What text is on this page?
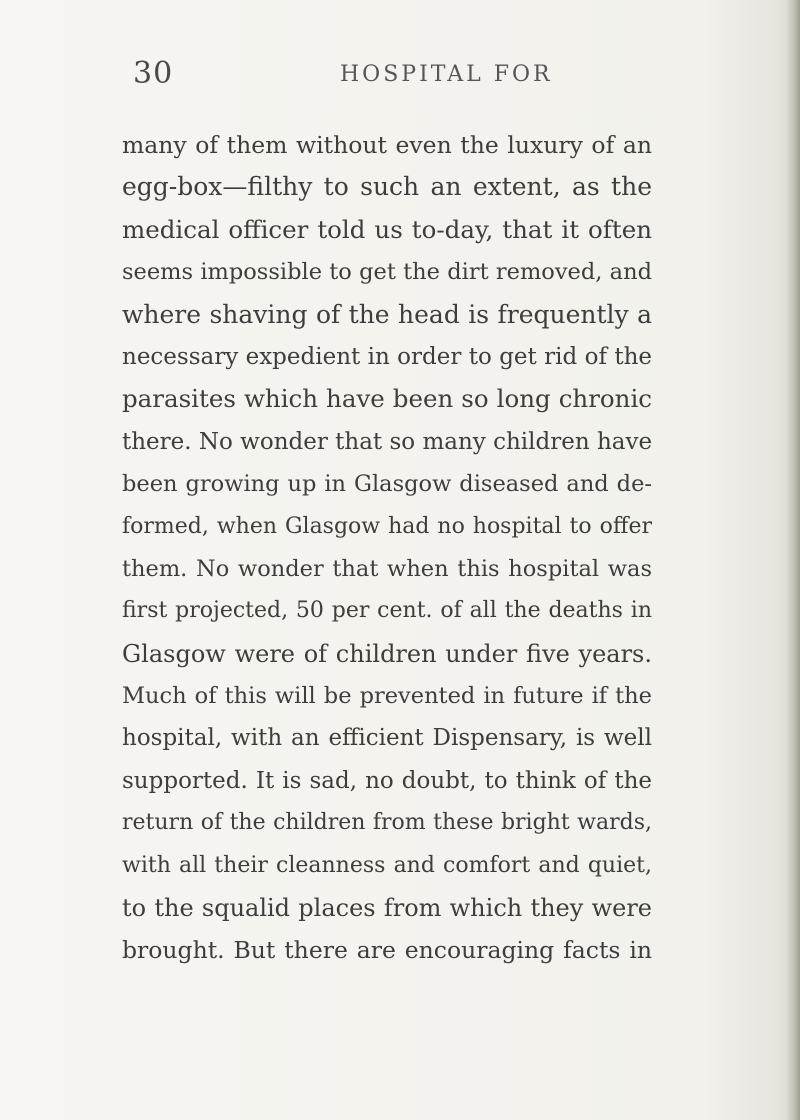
30	HOSPITAL FOR
many of them without even the luxury of an
egg-box—filthy to such an extent, as the
medical officer told us to-day, that it often
seems impossible to get the dirt removed, and
where shaving of the head is frequently a
necessary expedient in order to get rid of the
parasites which have been so long chronic
there. No wonder that so many children have
been growing up in Glasgow diseased and de-
formed, when Glasgow had no hospital to offer
them. No wonder that when this hospital was
first projected, 50 per cent. of all the deaths in
Glasgow were of children under five years.
Much of this will be prevented in future if the
hospital, with an efficient Dispensary, is well
supported. It is sad, no doubt, to think of the
return of the children from these bright wards,
with all their cleanness and comfort and quiet,
to the squalid places from which they were
brought. But there are encouraging facts in
